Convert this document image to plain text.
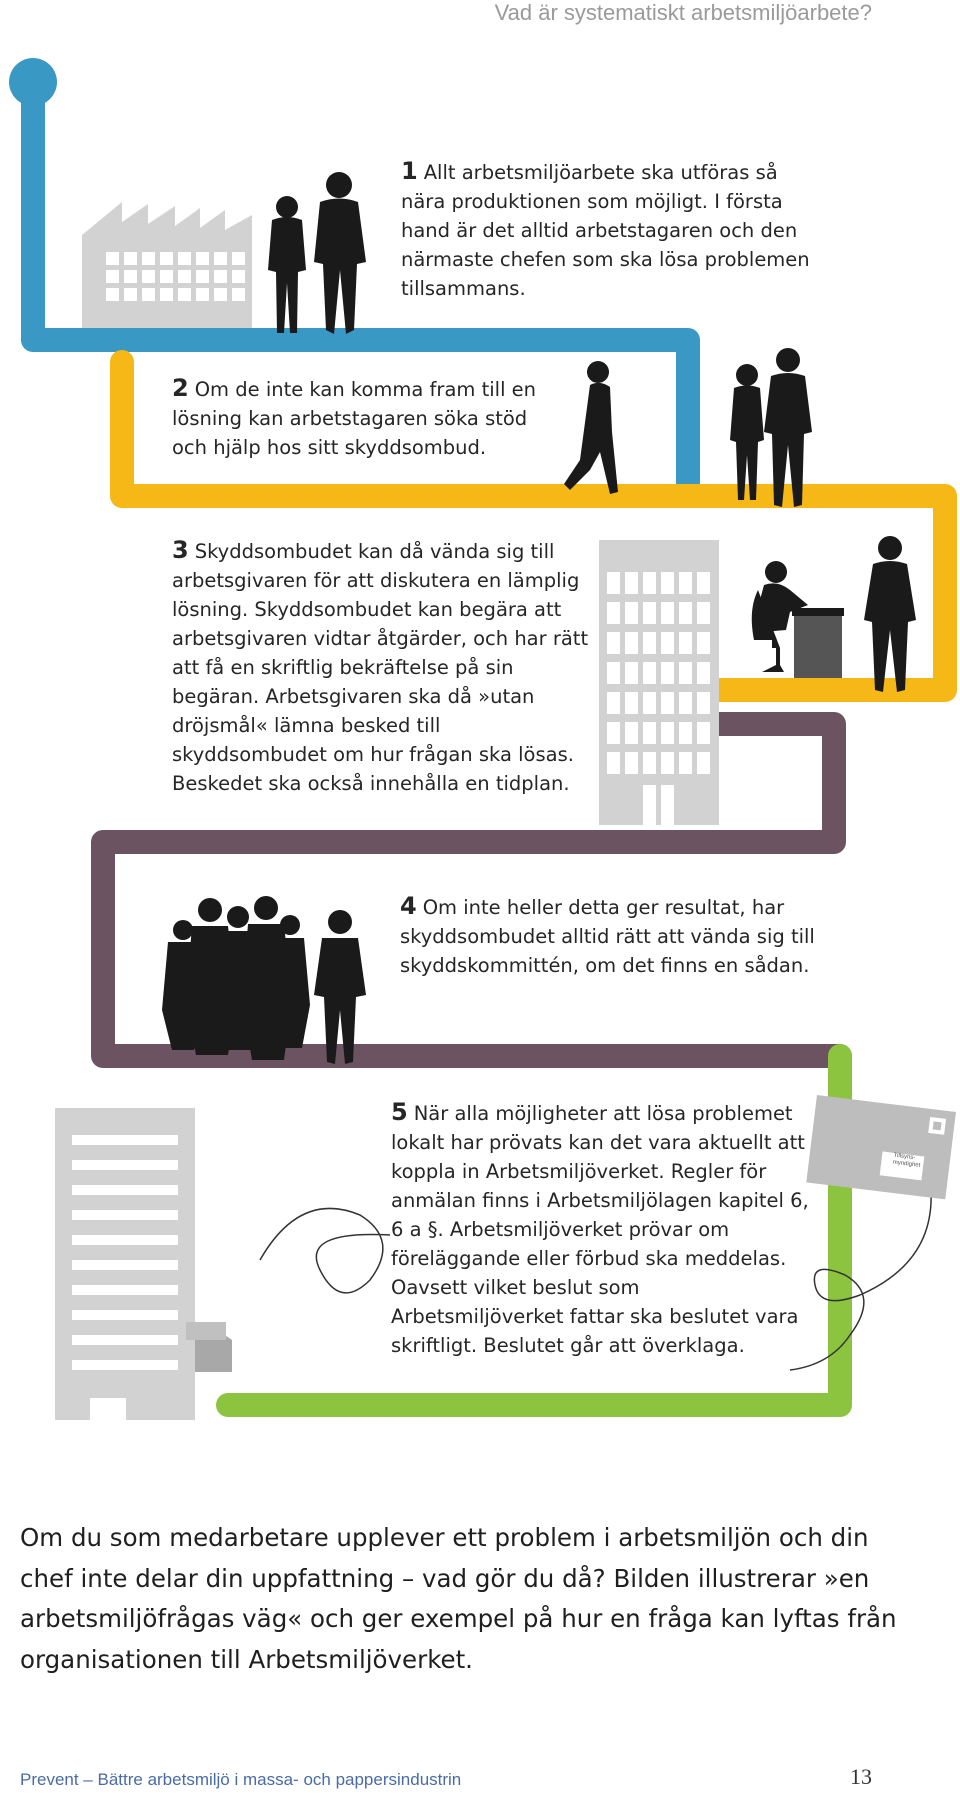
Vad är systematiskt arbetsmiljöarbete?
Tillsyns-
myndighet

1 Allt arbetsmiljöarbete ska utföras så nära produktionen som möjligt. I första hand är det alltid arbetstagaren och den närmaste chefen som ska lösa problemen tillsammans.

2 Om de inte kan komma fram till en lösning kan arbetstagaren söka stöd och hjälp hos sitt skyddsombud.

3 Skyddsombudet kan då vända sig till arbetsgivaren för att diskutera en lämplig lösning. Skyddsombudet kan begära att arbetsgivaren vidtar åtgärder, och har rätt att få en skriftlig bekräftelse på sin begäran. Arbetsgivaren ska då »utan dröjsmål« lämna besked till skyddsombudet om hur frågan ska lösas. Beskedet ska också innehålla en tidplan.

4 Om inte heller detta ger resultat, har skyddsombudet alltid rätt att vända sig till skyddskommittén, om det finns en sådan.

5 När alla möjligheter att lösa problemet lokalt har prövats kan det vara aktuellt att koppla in Arbetsmiljöverket. Regler för anmälan finns i Arbetsmiljölagen kapitel 6, 6 a §. Arbetsmiljöverket prövar om föreläggande eller förbud ska meddelas. Oavsett vilket beslut som Arbetsmiljöverket fattar ska beslutet vara skriftligt. Beslutet går att överklaga.

Om du som medarbetare upplever ett problem i arbetsmiljön och din chef inte delar din uppfattning – vad gör du då? Bilden illustrerar »en arbetsmiljöfrågas väg« och ger exempel på hur en fråga kan lyftas från organisationen till Arbetsmiljöverket.
Prevent – Bättre arbetsmiljö i massa- och pappersindustrin	13
